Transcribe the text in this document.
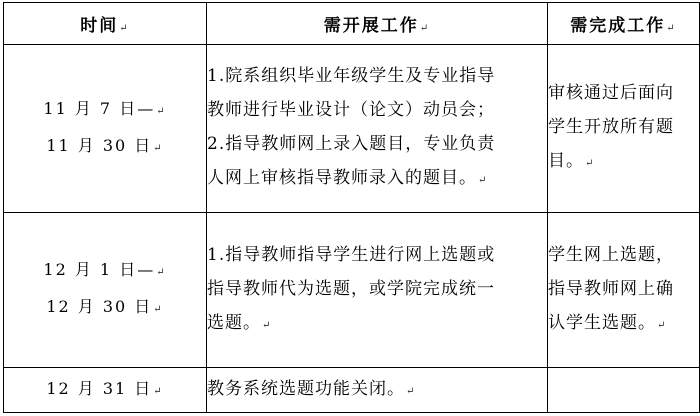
时间↵	需开展工作↵	需完成工作↵

11 月 7 日—↵
11 月 30 日↵	1.院系组织毕业年级学生及专业指导
教师进行毕业设计（论文）动员会；
2.指导教师网上录入题目，专业负责
人网上审核指导教师录入的题目。↵	审核通过后面向
学生开放所有题
目。↵

12 月 1 日—↵
12 月 30 日↵	1.指导教师指导学生进行网上选题或
指导教师代为选题，或学院完成统一
选题。↵	学生网上选题，
指导教师网上确
认学生选题。↵

12 月 31 日↵	教务系统选题功能关闭。↵	
